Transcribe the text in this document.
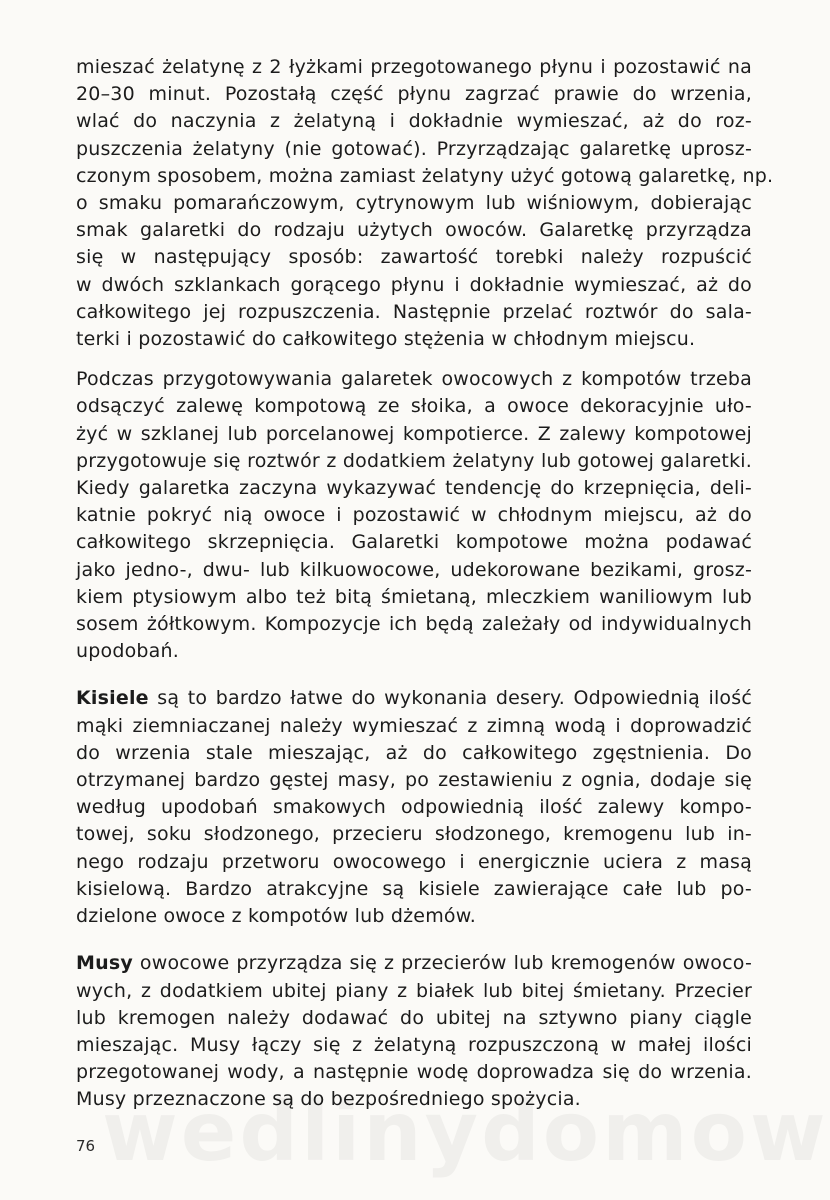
mieszać żelatynę z 2 łyżkami przegotowanego płynu i pozostawić na
20–30 minut. Pozostałą część płynu zagrzać prawie do wrzenia,
wlać do naczynia z żelatyną i dokładnie wymieszać, aż do roz-
puszczenia żelatyny (nie gotować). Przyrządzając galaretkę uprosz-
czonym sposobem, można zamiast żelatyny użyć gotową galaretkę, np.
o smaku pomarańczowym, cytrynowym lub wiśniowym, dobierając
smak galaretki do rodzaju użytych owoców. Galaretkę przyrządza
się w następujący sposób: zawartość torebki należy rozpuścić
w dwóch szklankach gorącego płynu i dokładnie wymieszać, aż do
całkowitego jej rozpuszczenia. Następnie przelać roztwór do sala-
terki i pozostawić do całkowitego stężenia w chłodnym miejscu.

Podczas przygotowywania galaretek owocowych z kompotów trzeba
odsączyć zalewę kompotową ze słoika, a owoce dekoracyjnie uło-
żyć w szklanej lub porcelanowej kompotierce. Z zalewy kompotowej
przygotowuje się roztwór z dodatkiem żelatyny lub gotowej galaretki.
Kiedy galaretka zaczyna wykazywać tendencję do krzepnięcia, deli-
katnie pokryć nią owoce i pozostawić w chłodnym miejscu, aż do
całkowitego skrzepnięcia. Galaretki kompotowe można podawać
jako jedno-, dwu- lub kilkuowocowe, udekorowane bezikami, grosz-
kiem ptysiowym albo też bitą śmietaną, mleczkiem waniliowym lub
sosem żółtkowym. Kompozycje ich będą zależały od indywidualnych
upodobań.

Kisiele są to bardzo łatwe do wykonania desery. Odpowiednią ilość
mąki ziemniaczanej należy wymieszać z zimną wodą i doprowadzić
do wrzenia stale mieszając, aż do całkowitego zgęstnienia. Do
otrzymanej bardzo gęstej masy, po zestawieniu z ognia, dodaje się
według upodobań smakowych odpowiednią ilość zalewy kompo-
towej, soku słodzonego, przecieru słodzonego, kremogenu lub in-
nego rodzaju przetworu owocowego i energicznie uciera z masą
kisielową. Bardzo atrakcyjne są kisiele zawierające całe lub po-
dzielone owoce z kompotów lub dżemów.

Musy owocowe przyrządza się z przecierów lub kremogenów owoco-
wych, z dodatkiem ubitej piany z białek lub bitej śmietany. Przecier
lub kremogen należy dodawać do ubitej na sztywno piany ciągle
mieszając. Musy łączy się z żelatyną rozpuszczoną w małej ilości
przegotowanej wody, a następnie wodę doprowadza się do wrzenia.
Musy przeznaczone są do bezpośredniego spożycia.

76
